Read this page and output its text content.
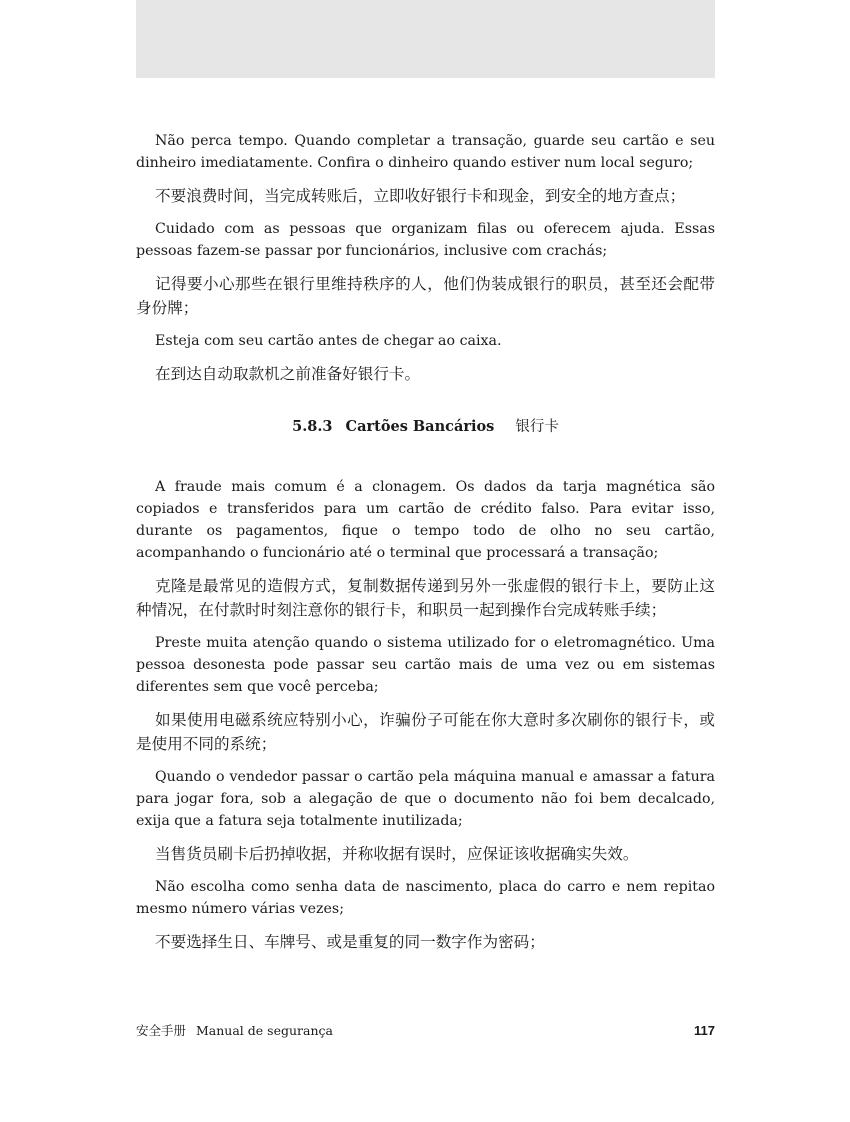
Não perca tempo. Quando completar a transação, guarde seu cartão e seu dinheiro imediatamente. Confira o dinheiro quando estiver num local seguro;

不要浪费时间，当完成转账后，立即收好银行卡和现金，到安全的地方查点；

Cuidado com as pessoas que organizam filas ou oferecem ajuda. Essas pessoas fazem-se passar por funcionários, inclusive com crachás;

记得要小心那些在银行里维持秩序的人，他们伪装成银行的职员，甚至还会配带身份牌；

Esteja com seu cartão antes de chegar ao caixa.

在到达自动取款机之前准备好银行卡。

5.8.3 Cartões Bancários 银行卡

A fraude mais comum é a clonagem. Os dados da tarja magnética são copiados e transferidos para um cartão de crédito falso. Para evitar isso, durante os pagamentos, fique o tempo todo de olho no seu cartão, acompanhando o funcionário até o terminal que processará a transação;

克隆是最常见的造假方式，复制数据传递到另外一张虚假的银行卡上，要防止这种情况，在付款时时刻注意你的银行卡，和职员一起到操作台完成转账手续；

Preste muita atenção quando o sistema utilizado for o eletromagnético. Uma pessoa desonesta pode passar seu cartão mais de uma vez ou em sistemas diferentes sem que você perceba;

如果使用电磁系统应特别小心，诈骗份子可能在你大意时多次刷你的银行卡，或是使用不同的系统；

Quando o vendedor passar o cartão pela máquina manual e amassar a fatura para jogar fora, sob a alegação de que o documento não foi bem decalcado, exija que a fatura seja totalmente inutilizada;

当售货员刷卡后扔掉收据，并称收据有误时，应保证该收据确实失效。

Não escolha como senha data de nascimento, placa do carro e nem repitao mesmo número várias vezes;

不要选择生日、车牌号、或是重复的同一数字作为密码；

安全手册 Manual de segurança	117
